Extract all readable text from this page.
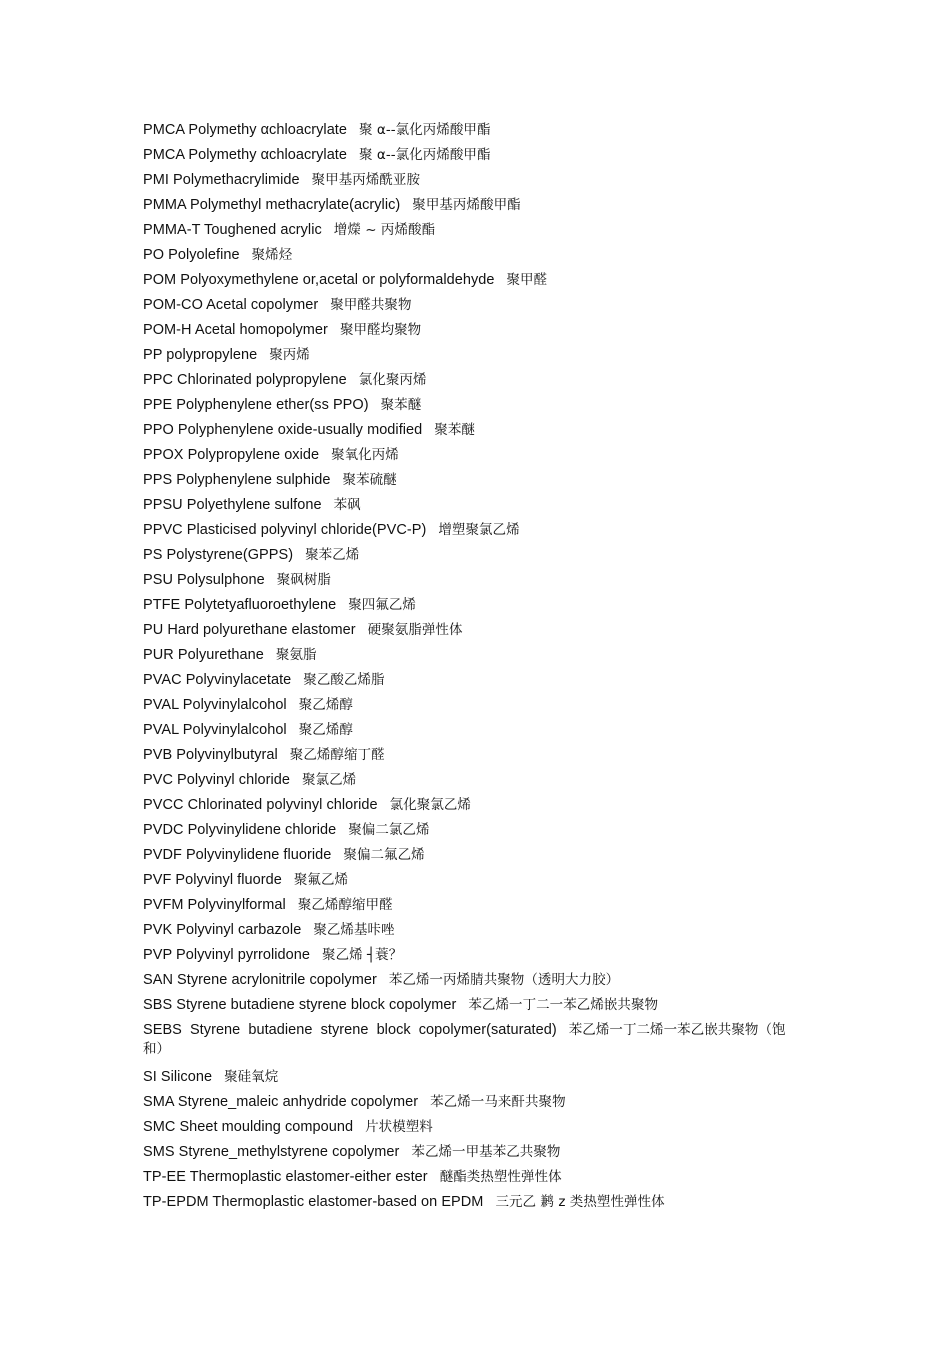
PMCA Polymethy αchloacrylate 聚 α--氯化丙烯酸甲酯
PMCA Polymethy αchloacrylate 聚 α--氯化丙烯酸甲酯
PMI Polymethacrylimide 聚甲基丙烯酰亚胺
PMMA Polymethyl methacrylate(acrylic) 聚甲基丙烯酸甲酯
PMMA-T Toughened acrylic 增爃 ~ 丙烯酸酯
PO Polyolefine 聚烯烃
POM Polyoxymethylene or,acetal or polyformaldehyde 聚甲醛
POM-CO Acetal copolymer 聚甲醛共聚物
POM-H Acetal homopolymer 聚甲醛均聚物
PP polypropylene 聚丙烯
PPC Chlorinated polypropylene 氯化聚丙烯
PPE Polyphenylene ether(ss PPO) 聚苯醚
PPO Polyphenylene oxide-usually modified 聚苯醚
PPOX Polypropylene oxide 聚氧化丙烯
PPS Polyphenylene sulphide 聚苯硫醚
PPSU Polyethylene sulfone 苯砜
PPVC Plasticised polyvinyl chloride(PVC-P) 增塑聚氯乙烯
PS Polystyrene(GPPS) 聚苯乙烯
PSU Polysulphone 聚砜树脂
PTFE Polytetyafluoroethylene 聚四氟乙烯
PU Hard polyurethane elastomer 硬聚氨脂弹性体
PUR Polyurethane 聚氨脂
PVAC Polyvinylacetate 聚乙酸乙烯脂
PVAL Polyvinylalcohol 聚乙烯醇
PVAL Polyvinylalcohol 聚乙烯醇
PVB Polyvinylbutyral 聚乙烯醇缩丁醛
PVC Polyvinyl chloride 聚氯乙烯
PVCC Chlorinated polyvinyl chloride 氯化聚氯乙烯
PVDC Polyvinylidene chloride 聚偏二氯乙烯
PVDF Polyvinylidene fluoride 聚偏二氟乙烯
PVF Polyvinyl fluorde 聚氟乙烯
PVFM Polyvinylformal 聚乙烯醇缩甲醛
PVK Polyvinyl carbazole 聚乙烯基咔唑
PVP Polyvinyl pyrrolidone 聚乙烯 ┤蓑？
SAN Styrene acrylonitrile copolymer 苯乙烯一丙烯腈共聚物（透明大力胶）
SBS Styrene butadiene styrene block copolymer 苯乙烯一丁二一苯乙烯嵌共聚物
SEBS Styrene butadiene styrene block copolymer(saturated) 苯乙烯一丁二烯一苯乙嵌共聚物（饱和）
SI Silicone 聚硅氧烷
SMA Styrene_maleic anhydride copolymer 苯乙烯一马来酐共聚物
SMC Sheet moulding compound 片状模塑料
SMS Styrene_methylstyrene copolymer 苯乙烯一甲基苯乙共聚物
TP-EE Thermoplastic elastomer-either ester 醚酯类热塑性弹性体
TP-EPDM Thermoplastic elastomer-based on EPDM 三元乙 鹣 z 类热塑性弹性体
